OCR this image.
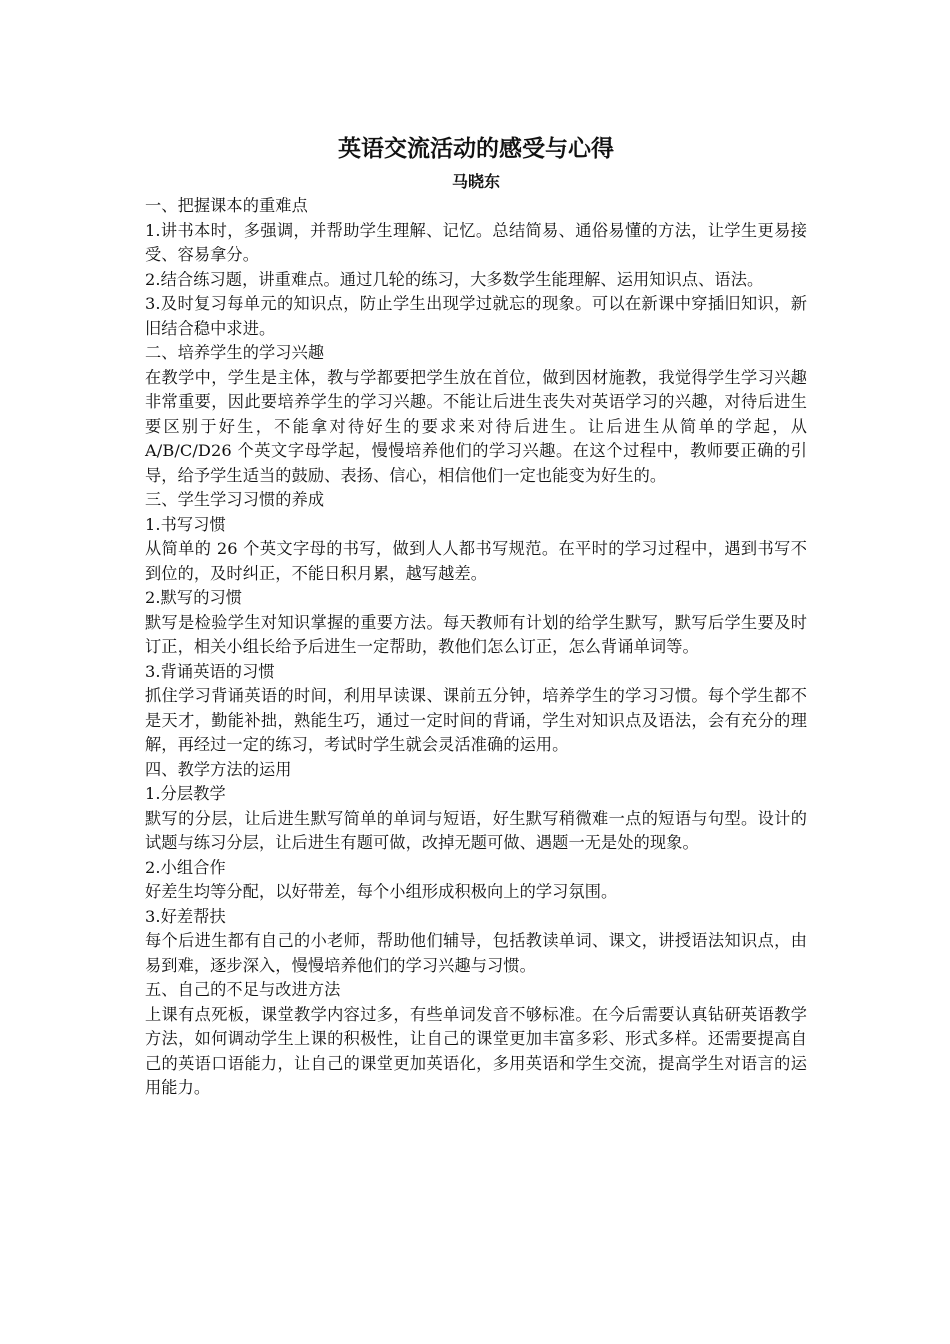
英语交流活动的感受与心得
马晓东

一、把握课本的重难点

1.讲书本时，多强调，并帮助学生理解、记忆。总结简易、通俗易懂的方法，让学生更易接受、容易拿分。

2.结合练习题，讲重难点。通过几轮的练习，大多数学生能理解、运用知识点、语法。

3.及时复习每单元的知识点，防止学生出现学过就忘的现象。可以在新课中穿插旧知识，新旧结合稳中求进。

二、培养学生的学习兴趣

在教学中，学生是主体，教与学都要把学生放在首位，做到因材施教，我觉得学生学习兴趣非常重要，因此要培养学生的学习兴趣。不能让后进生丧失对英语学习的兴趣，对待后进生要区别于好生，不能拿对待好生的要求来对待后进生。让后进生从简单的学起，从 A/B/C/D26 个英文字母学起，慢慢培养他们的学习兴趣。在这个过程中，教师要正确的引导，给予学生适当的鼓励、表扬、信心，相信他们一定也能变为好生的。

三、学生学习习惯的养成

1.书写习惯

从简单的 26 个英文字母的书写，做到人人都书写规范。在平时的学习过程中，遇到书写不到位的，及时纠正，不能日积月累，越写越差。

2.默写的习惯

默写是检验学生对知识掌握的重要方法。每天教师有计划的给学生默写，默写后学生要及时订正，相关小组长给予后进生一定帮助，教他们怎么订正，怎么背诵单词等。

3.背诵英语的习惯

抓住学习背诵英语的时间，利用早读课、课前五分钟，培养学生的学习习惯。每个学生都不是天才，勤能补拙，熟能生巧，通过一定时间的背诵，学生对知识点及语法，会有充分的理解，再经过一定的练习，考试时学生就会灵活准确的运用。

四、教学方法的运用

1.分层教学

默写的分层，让后进生默写简单的单词与短语，好生默写稍微难一点的短语与句型。设计的试题与练习分层，让后进生有题可做，改掉无题可做、遇题一无是处的现象。

2.小组合作

好差生均等分配，以好带差，每个小组形成积极向上的学习氛围。

3.好差帮扶

每个后进生都有自己的小老师，帮助他们辅导，包括教读单词、课文，讲授语法知识点，由易到难，逐步深入，慢慢培养他们的学习兴趣与习惯。

五、自己的不足与改进方法

上课有点死板，课堂教学内容过多，有些单词发音不够标准。在今后需要认真钻研英语教学方法，如何调动学生上课的积极性，让自己的课堂更加丰富多彩、形式多样。还需要提高自己的英语口语能力，让自己的课堂更加英语化，多用英语和学生交流，提高学生对语言的运用能力。
